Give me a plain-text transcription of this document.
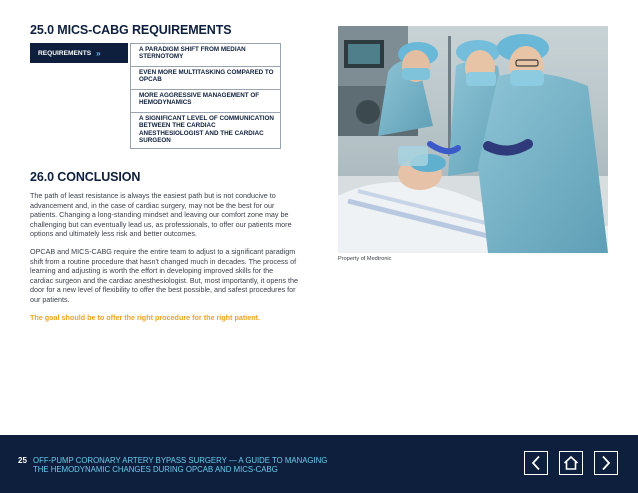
25.0 MICS-CABG REQUIREMENTS
REQUIREMENTS »	A PARADIGM SHIFT FROM MEDIAN STERNOTOMY
EVEN MORE MULTITASKING COMPARED TO OPCAB
MORE AGGRESSIVE MANAGEMENT OF HEMODYNAMICS
A SIGNIFICANT LEVEL OF COMMUNICATION BETWEEN THE CARDIAC ANESTHESIOLOGIST AND THE CARDIAC SURGEON
26.0 CONCLUSION

The path of least resistance is always the easiest path but is not conducive to advancement and, in the case of cardiac surgery, may not be the best for our patients. Changing a long-standing mindset and leaving our comfort zone may be challenging but can eventually lead us, as professionals, to offer our patients more options and ultimately less risk and better outcomes.

OPCAB and MICS-CABG require the entire team to adjust to a significant paradigm shift from a routine procedure that hasn't changed much in decades. The process of learning and adjusting is worth the effort in developing improved skills for the cardiac surgeon and the cardiac anesthesiologist. But, most importantly, it opens the door for a new level of flexibility to offer the best possible, and safest procedures for our patients.

The goal should be to offer the right procedure for the right patient.

Property of Medtronic
25 OFF-PUMP CORONARY ARTERY BYPASS SURGERY — A GUIDE TO MANAGING
THE HEMODYNAMIC CHANGES DURING OPCAB AND MICS-CABG
